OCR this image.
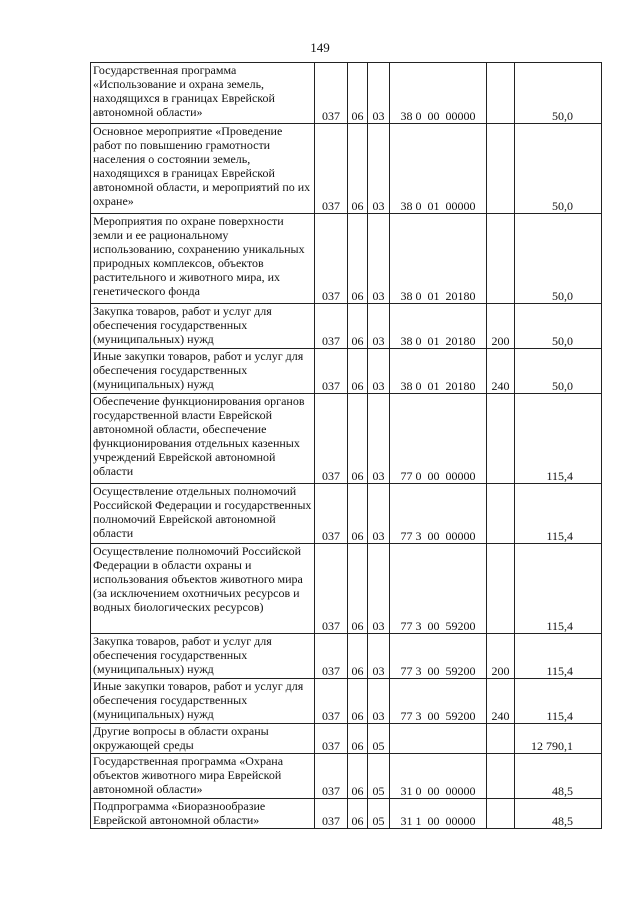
149
Государственная программа «Использование и охрана земель, находящихся в границах Еврейской автономной области»	037	06	03	38 0  00  00000		50,0
Основное мероприятие «Проведение работ по повышению грамотности населения о состоянии земель, находящихся в границах Еврейской автономной области, и мероприятий по их охране»	037	06	03	38 0  01  00000		50,0
Мероприятия по охране поверхности земли и ее рациональному использованию, сохранению уникальных природных комплексов, объектов растительного и животного мира, их генетического фонда	037	06	03	38 0  01  20180		50,0
Закупка товаров, работ и услуг для обеспечения государственных (муниципальных) нужд	037	06	03	38 0  01  20180	200	50,0
Иные закупки товаров, работ и услуг для обеспечения государственных (муниципальных) нужд	037	06	03	38 0  01  20180	240	50,0
Обеспечение функционирования органов государственной власти Еврейской автономной области, обеспечение функционирования отдельных казенных учреждений Еврейской автономной области	037	06	03	77 0  00  00000		115,4
Осуществление отдельных полномочий Российской Федерации и государственных полномочий Еврейской автономной области	037	06	03	77 3  00  00000		115,4
Осуществление полномочий Российской Федерации в области охраны и использования объектов животного мира (за исключением охотничьих ресурсов и водных биологических ресурсов)	037	06	03	77 3  00  59200		115,4
Закупка товаров, работ и услуг для обеспечения государственных (муниципальных) нужд	037	06	03	77 3  00  59200	200	115,4
Иные закупки товаров, работ и услуг для обеспечения государственных (муниципальных) нужд	037	06	03	77 3  00  59200	240	115,4
Другие вопросы в области охраны окружающей среды	037	06	05			12 790,1
Государственная программа «Охрана объектов животного мира Еврейской автономной области»	037	06	05	31 0  00  00000		48,5
Подпрограмма «Биоразнообразие Еврейской автономной области»	037	06	05	31 1  00  00000		48,5
